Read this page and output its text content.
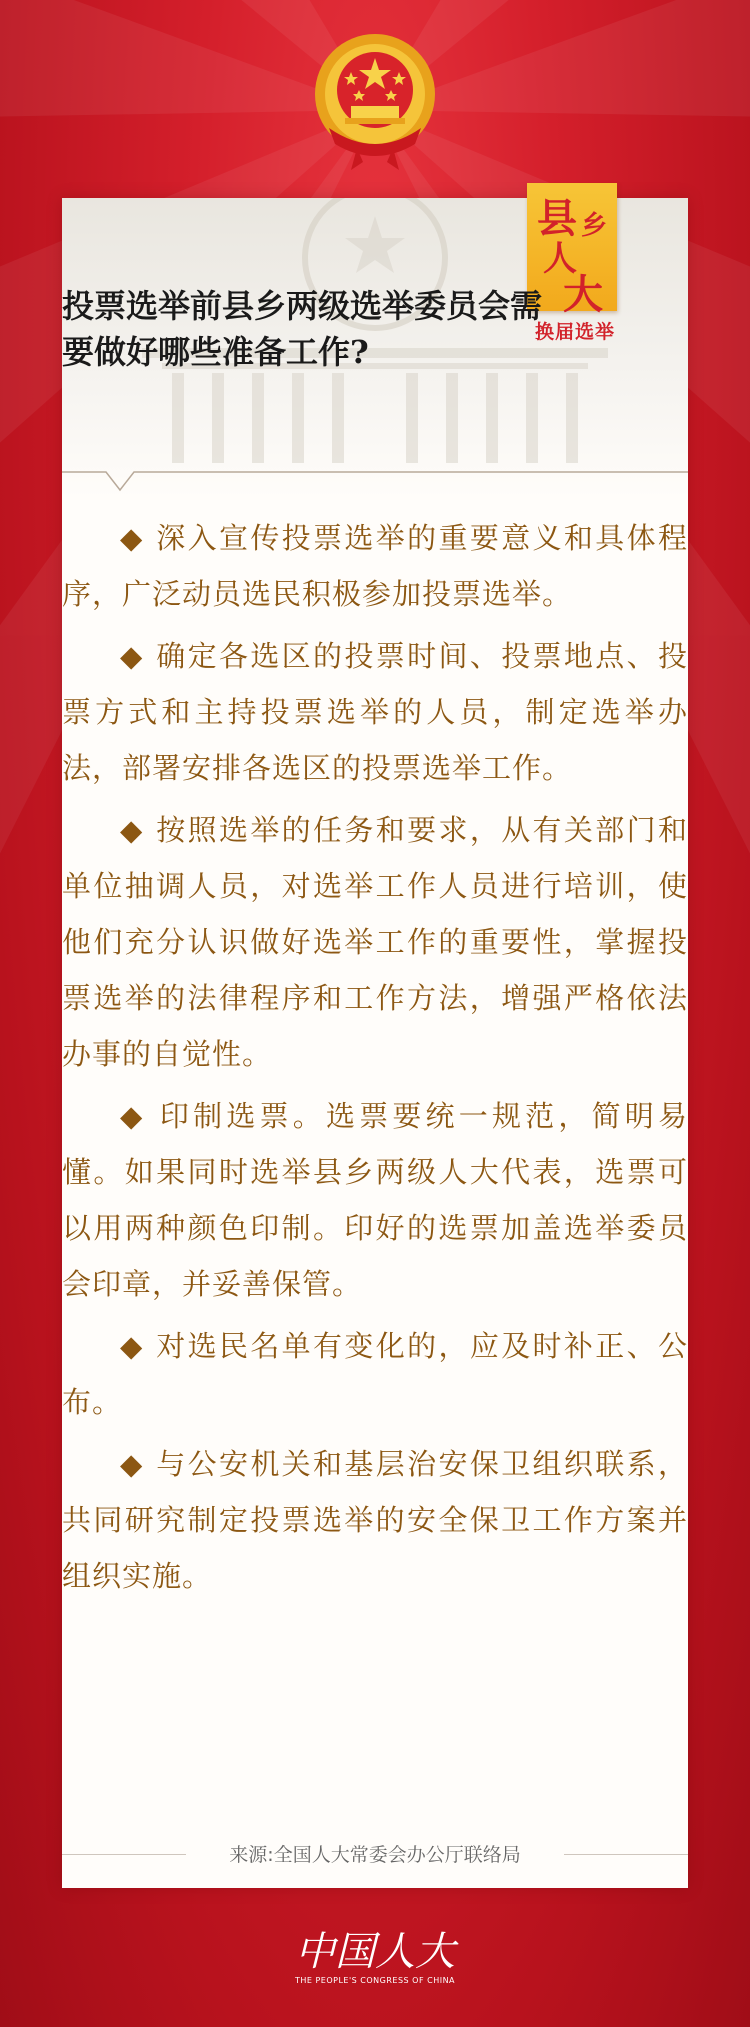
县 乡
人
大
换届选举
投票选举前县乡两级选举委员会需要做好哪些准备工作?

◆ 深入宣传投票选举的重要意义和具体程序，广泛动员选民积极参加投票选举。

◆ 确定各选区的投票时间、投票地点、投票方式和主持投票选举的人员，制定选举办法，部署安排各选区的投票选举工作。

◆ 按照选举的任务和要求，从有关部门和单位抽调人员，对选举工作人员进行培训，使他们充分认识做好选举工作的重要性，掌握投票选举的法律程序和工作方法，增强严格依法办事的自觉性。

◆ 印制选票。选票要统一规范，简明易懂。如果同时选举县乡两级人大代表，选票可以用两种颜色印制。印好的选票加盖选举委员会印章，并妥善保管。

◆ 对选民名单有变化的，应及时补正、公布。

◆ 与公安机关和基层治安保卫组织联系，共同研究制定投票选举的安全保卫工作方案并组织实施。

来源:全国人大常委会办公厅联络局
中国人大
THE PEOPLE'S CONGRESS OF CHINA
